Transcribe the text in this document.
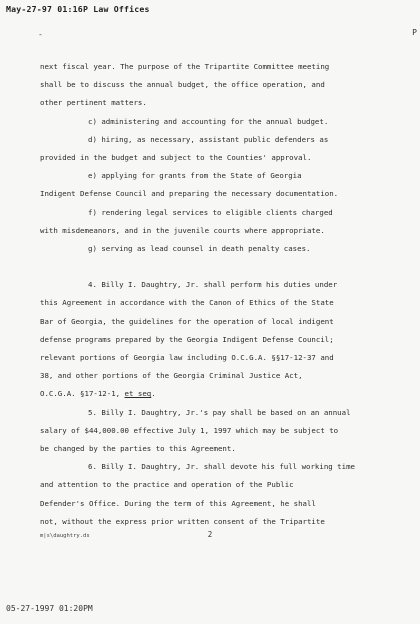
May-27-97 01:16P Law Offices
P
-
next fiscal year. The purpose of the Tripartite Committee meeting
shall be to discuss the annual budget, the office operation, and
other pertinent matters.
c) administering and accounting for the annual budget.
d) hiring, as necessary, assistant public defenders as
provided in the budget and subject to the Counties' approval.
e) applying for grants from the State of Georgia
Indigent Defense Council and preparing the necessary documentation.
f) rendering legal services to eligible clients charged
with misdemeanors, and in the juvenile courts where appropriate.
g) serving as lead counsel in death penalty cases.
4. Billy I. Daughtry, Jr. shall perform his duties under
this Agreement in accordance with the Canon of Ethics of the State
Bar of Georgia, the guidelines for the operation of local indigent
defense programs prepared by the Georgia Indigent Defense Council;
relevant portions of Georgia law including O.C.G.A. §§17-12-37 and
38, and other portions of the Georgia Criminal Justice Act,
O.C.G.A. §17-12-1, et seq.
5. Billy I. Daughtry, Jr.'s pay shall be based on an annual
salary of $44,000.00 effective July 1, 1997 which may be subject to
be changed by the parties to this Agreement.
6. Billy I. Daughtry, Jr. shall devote his full working time
and attention to the practice and operation of the Public
Defender's Office. During the term of this Agreement, he shall
not, without the express prior written consent of the Tripartite
m|s\daughtry.ds	2
05-27-1997 01:20PM
